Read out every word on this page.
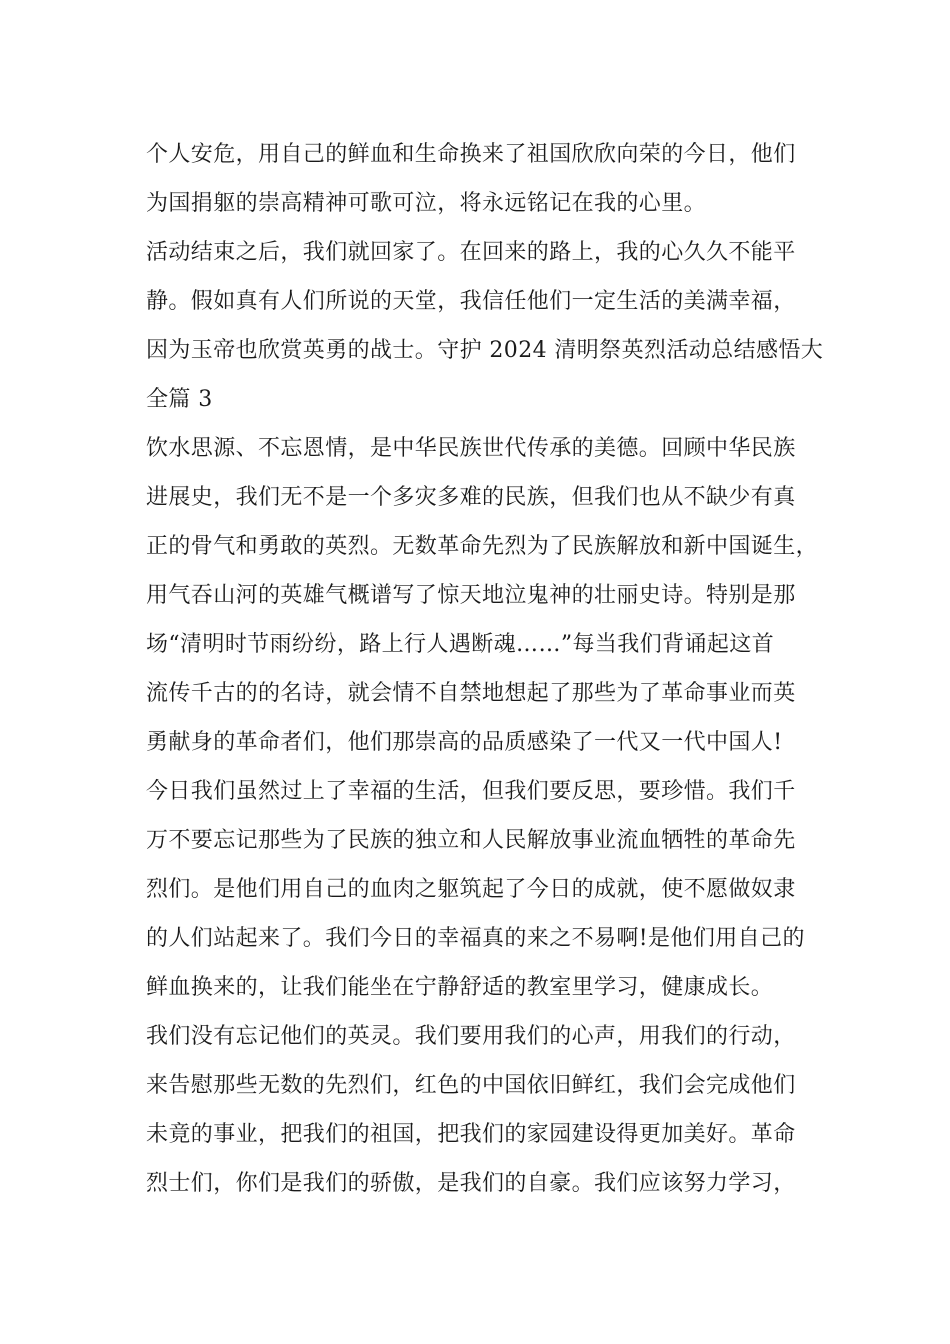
个人安危，用自己的鲜血和生命换来了祖国欣欣向荣的今日，他们
为国捐躯的崇高精神可歌可泣，将永远铭记在我的心里。
活动结束之后，我们就回家了。在回来的路上，我的心久久不能平
静。假如真有人们所说的天堂，我信任他们一定生活的美满幸福，
因为玉帝也欣赏英勇的战士。守护 2024 清明祭英烈活动总结感悟大
全篇 3
饮水思源、不忘恩情，是中华民族世代传承的美德。回顾中华民族
进展史，我们无不是一个多灾多难的民族，但我们也从不缺少有真
正的骨气和勇敢的英烈。无数革命先烈为了民族解放和新中国诞生，
用气吞山河的英雄气概谱写了惊天地泣鬼神的壮丽史诗。特别是那
场“清明时节雨纷纷，路上行人遇断魂……”每当我们背诵起这首
流传千古的的名诗，就会情不自禁地想起了那些为了革命事业而英
勇献身的革命者们，他们那崇高的品质感染了一代又一代中国人!
今日我们虽然过上了幸福的生活，但我们要反思，要珍惜。我们千
万不要忘记那些为了民族的独立和人民解放事业流血牺牲的革命先
烈们。是他们用自己的血肉之躯筑起了今日的成就，使不愿做奴隶
的人们站起来了。我们今日的幸福真的来之不易啊!是他们用自己的
鲜血换来的，让我们能坐在宁静舒适的教室里学习，健康成长。
我们没有忘记他们的英灵。我们要用我们的心声，用我们的行动，
来告慰那些无数的先烈们，红色的中国依旧鲜红，我们会完成他们
未竟的事业，把我们的祖国，把我们的家园建设得更加美好。革命
烈士们，你们是我们的骄傲，是我们的自豪。我们应该努力学习，
